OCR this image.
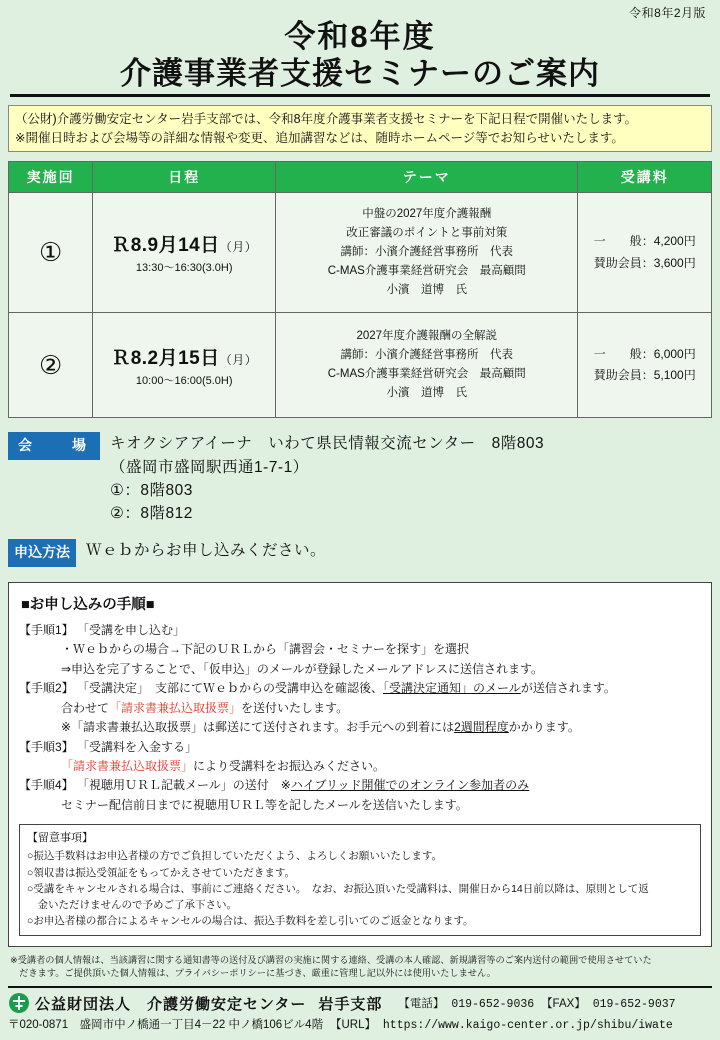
令和8年2月版
令和8年度
介護事業者支援セミナーのご案内
（公財)介護労働安定センター岩手支部では、令和8年度介護事業者支援セミナーを下記日程で開催いたします。
※開催日時および会場等の詳細な情報や変更、追加講習などは、随時ホームページ等でお知らせいたします。
実施回	日程	テーマ	受講料

①	Ｒ8.9月14日（月）
13:30〜16:30(3.0H)

中盤の2027年度介護報酬
改正審議のポイントと事前対策
講師：小濱介護経営事務所　代表
C-MAS介護事業経営研究会　最高顧問
小濱　道博　氏

一　　般：4,200円
賛助会員：3,600円

②	Ｒ8.2月15日（月）
10:00〜16:00(5.0H)

2027年度介護報酬の全解説
講師：小濱介護経営事務所　代表
C-MAS介護事業経営研究会　最高顧問
小濱　道博　氏

一　　般：6,000円
賛助会員：5,100円
会　　場	キオクシアアイーナ　いわて県民情報交流センター　8階803
（盛岡市盛岡駅西通1-7-1）
①：8階803
②：8階812
申込方法	Ｗｅｂからお申し込みください。
■お申し込みの手順■
【手順1】 「受講を申し込む」
・Ｗｅｂからの場合→下記のＵＲＬから「講習会・セミナーを探す」を選択
⇒申込を完了することで、「仮申込」のメールが登録したメールアドレスに送信されます。
【手順2】 「受講決定」　支部にてＷｅｂからの受講申込を確認後、「受講決定通知」のメールが送信されます。
合わせて「請求書兼払込取扱票」を送付いたします。
※「請求書兼払込取扱票」は郵送にて送付されます。お手元への到着には2週間程度かかります。
【手順3】 「受講料を入金する」
「請求書兼払込取扱票」により受講料をお振込みください。
【手順4】 「視聴用ＵＲＬ記載メール」の送付　※ハイブリッド開催でのオンライン参加者のみ
セミナー配信前日までに視聴用ＵＲＬ等を記したメールを送信いたします。
【留意事項】
○振込手数料はお申込者様の方でご負担していただくよう、よろしくお願いいたします。
○領収書は振込受領証をもってかえさせていただきます。
○受講をキャンセルされる場合は、事前にご連絡ください。　なお、お振込頂いた受講料は、開催日から14日前以降は、原則として返
　金いただけませんので予めご了承下さい。
○お申込者様の都合によるキャンセルの場合は、振込手数料を差し引いてのご返金となります。
※受講者の個人情報は、当該講習に関する通知書等の送付及び講習の実施に関する連絡、受講の本人確認、新規講習等のご案内送付の範囲で使用させていた
　だきます。ご提供頂いた個人情報は、プライバシーポリシーに基づき、厳重に管理し記以外には使用いたしません。
公益財団法人　介護労働安定センター 岩手支部 【電話】 019-652-9036 【FAX】 019-652-9037
〒020-0871　盛岡市中ノ橋通一丁目4－22 中ノ橋106ビル4階 【URL】 https://www.kaigo-center.or.jp/shibu/iwate
